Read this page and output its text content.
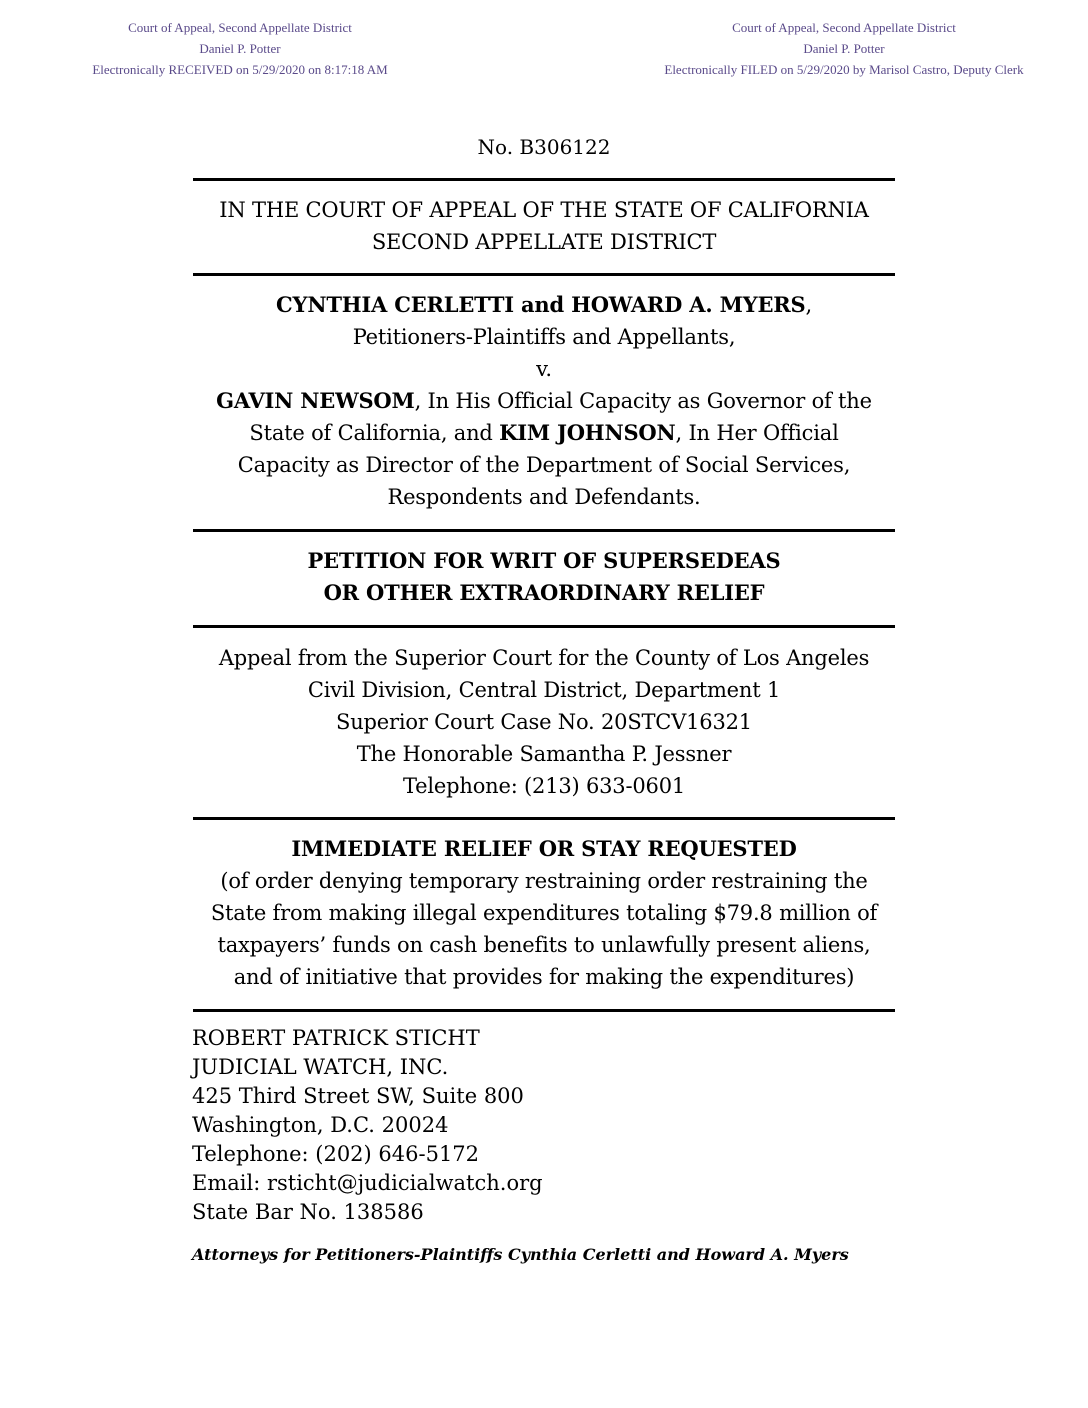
Court of Appeal, Second Appellate District
Daniel P. Potter
Electronically RECEIVED on 5/29/2020 on 8:17:18 AM
Court of Appeal, Second Appellate District
Daniel P. Potter
Electronically FILED on 5/29/2020 by Marisol Castro, Deputy Clerk
No. B306122
IN THE COURT OF APPEAL OF THE STATE OF CALIFORNIA
SECOND APPELLATE DISTRICT
CYNTHIA CERLETTI and HOWARD A. MYERS,
Petitioners-Plaintiffs and Appellants,
v.
GAVIN NEWSOM, In His Official Capacity as Governor of the
State of California, and KIM JOHNSON, In Her Official
Capacity as Director of the Department of Social Services,
Respondents and Defendants.
PETITION FOR WRIT OF SUPERSEDEAS
OR OTHER EXTRAORDINARY RELIEF
Appeal from the Superior Court for the County of Los Angeles
Civil Division, Central District, Department 1
Superior Court Case No. 20STCV16321
The Honorable Samantha P. Jessner
Telephone: (213) 633-0601
IMMEDIATE RELIEF OR STAY REQUESTED
(of order denying temporary restraining order restraining the
State from making illegal expenditures totaling $79.8 million of
taxpayers’ funds on cash benefits to unlawfully present aliens,
and of initiative that provides for making the expenditures)
ROBERT PATRICK STICHT
JUDICIAL WATCH, INC.
425 Third Street SW, Suite 800
Washington, D.C. 20024
Telephone: (202) 646-5172
Email: rsticht@judicialwatch.org
State Bar No. 138586
Attorneys for Petitioners-Plaintiffs Cynthia Cerletti and Howard A. Myers
